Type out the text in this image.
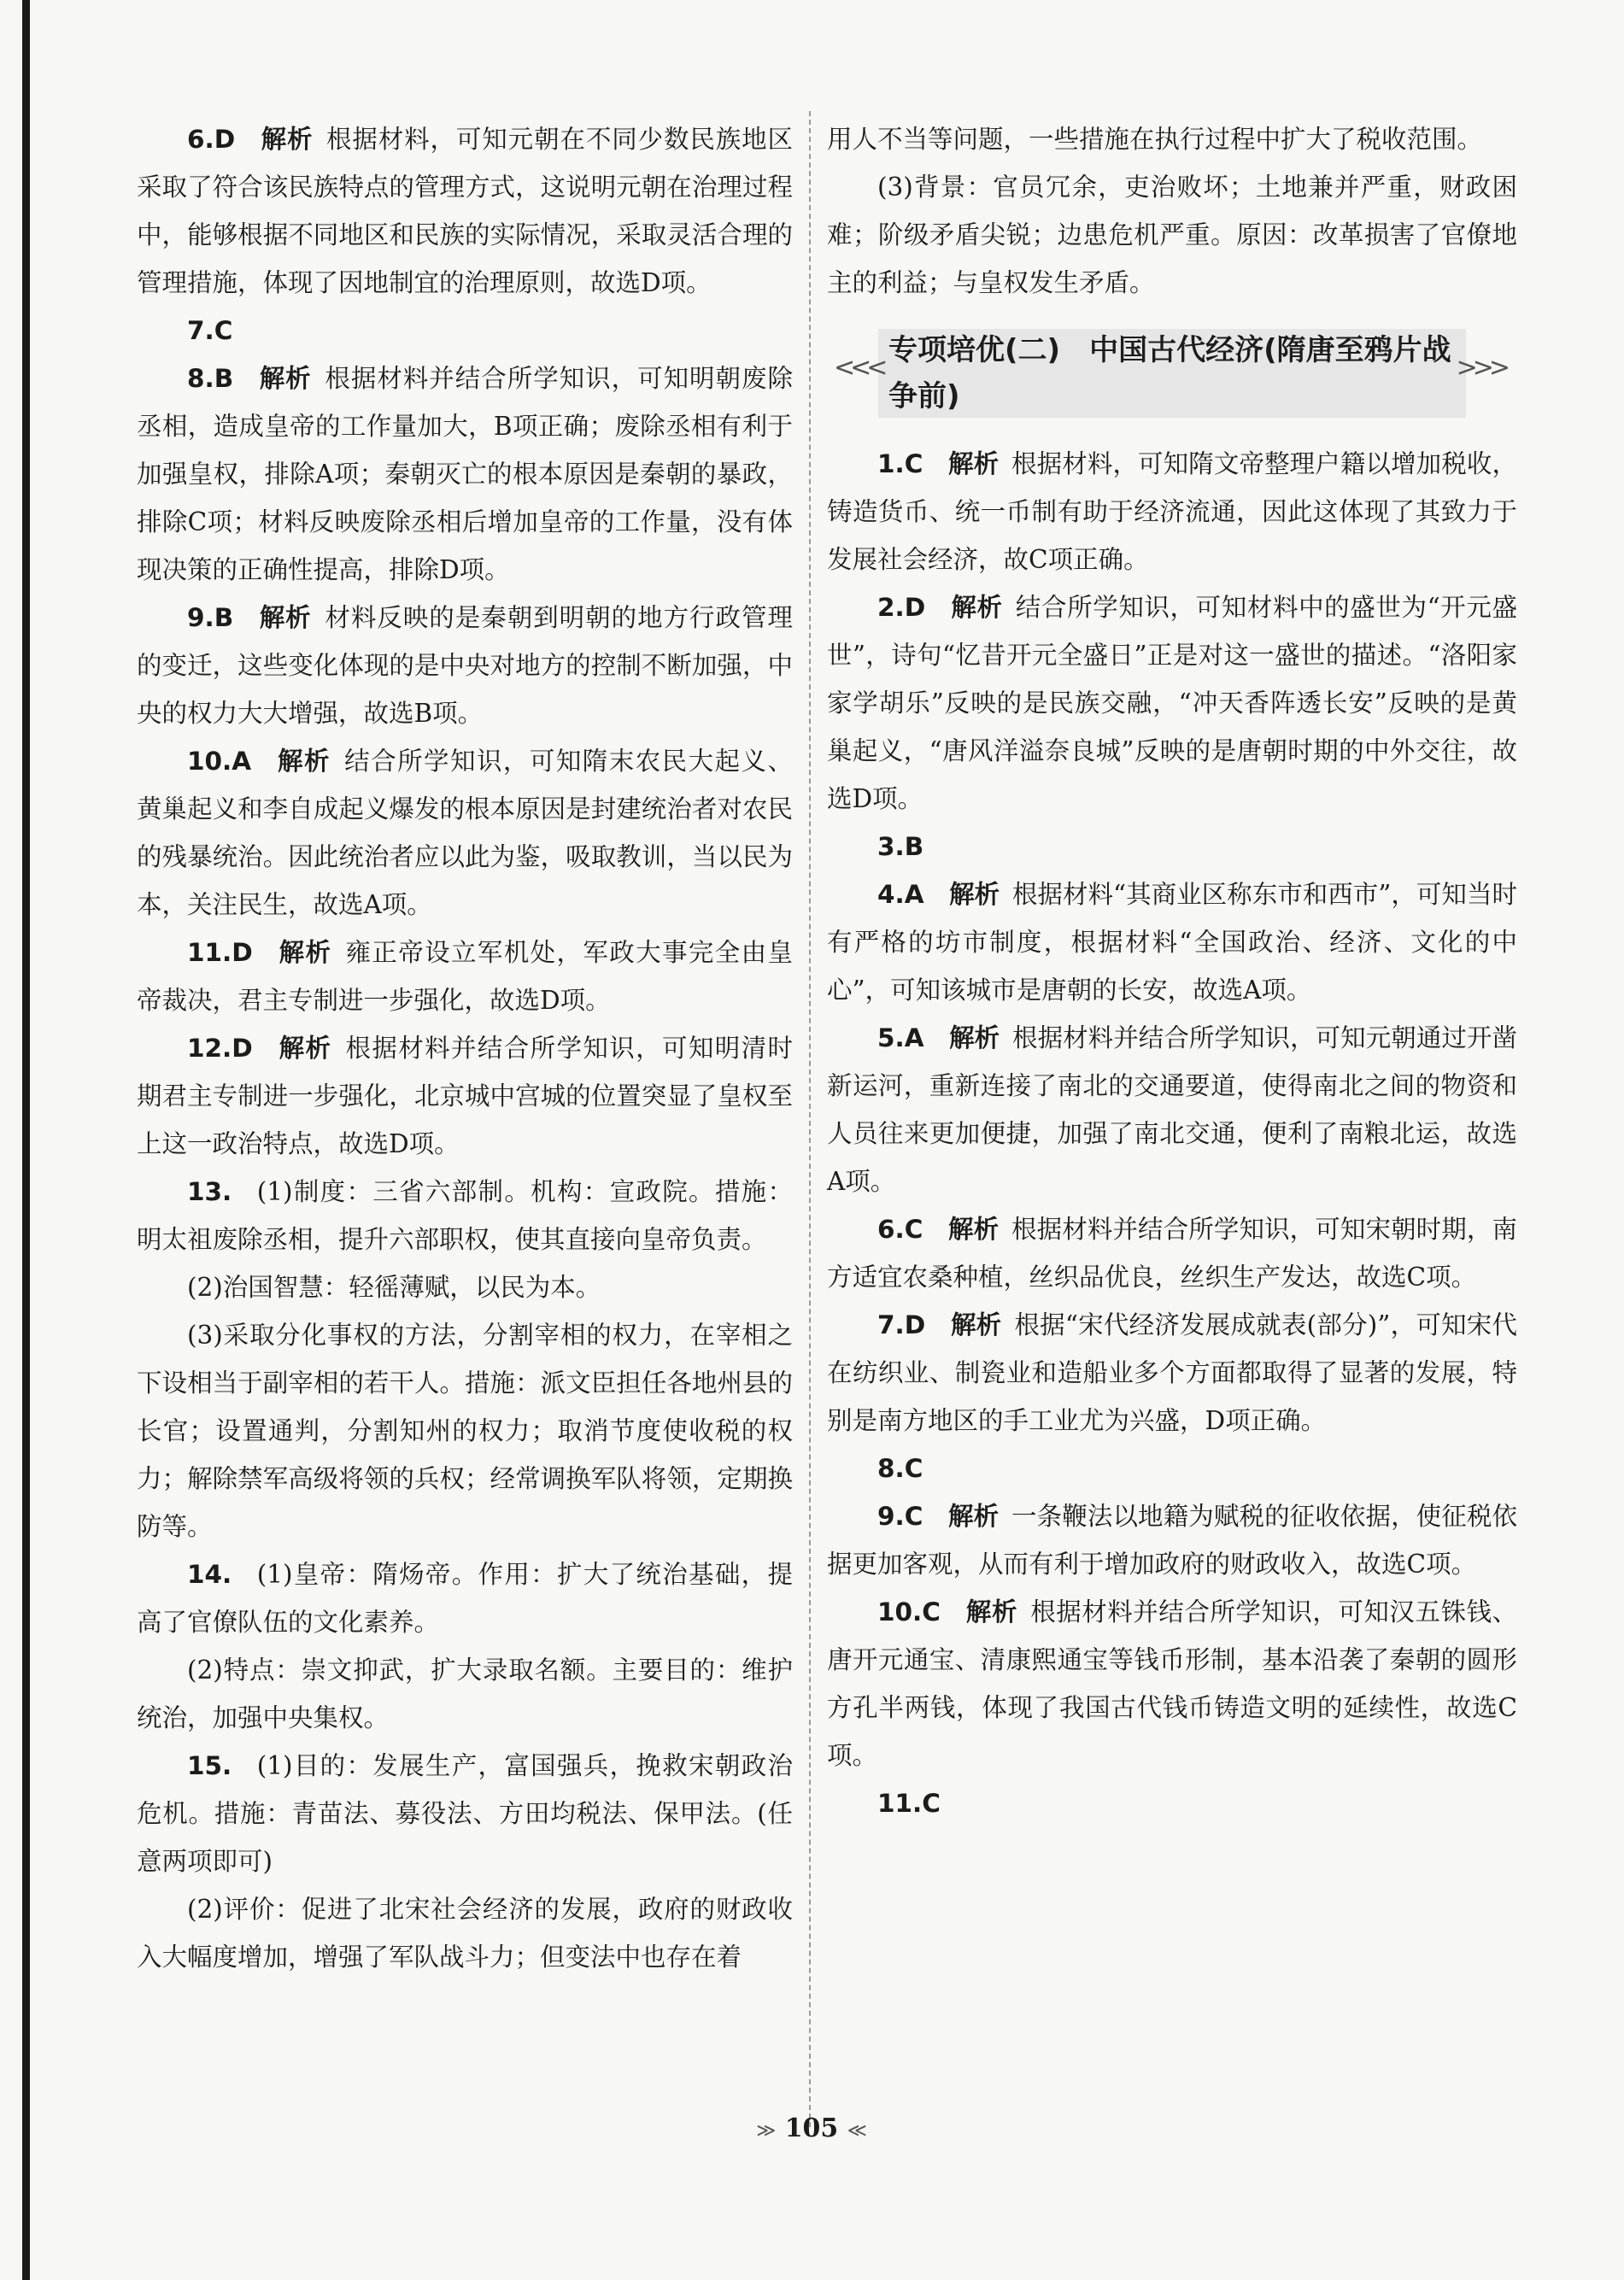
6.D  解析  根据材料，可知元朝在不同少数民族地区采取了符合该民族特点的管理方式，这说明元朝在治理过程中，能够根据不同地区和民族的实际情况，采取灵活合理的管理措施，体现了因地制宜的治理原则，故选D项。

7.C 

8.B  解析  根据材料并结合所学知识，可知明朝废除丞相，造成皇帝的工作量加大，B项正确；废除丞相有利于加强皇权，排除A项；秦朝灭亡的根本原因是秦朝的暴政，排除C项；材料反映废除丞相后增加皇帝的工作量，没有体现决策的正确性提高，排除D项。

9.B  解析  材料反映的是秦朝到明朝的地方行政管理的变迁，这些变化体现的是中央对地方的控制不断加强，中央的权力大大增强，故选B项。

10.A  解析  结合所学知识，可知隋末农民大起义、黄巢起义和李自成起义爆发的根本原因是封建统治者对农民的残暴统治。因此统治者应以此为鉴，吸取教训，当以民为本，关注民生，故选A项。

11.D  解析  雍正帝设立军机处，军政大事完全由皇帝裁决，君主专制进一步强化，故选D项。

12.D  解析  根据材料并结合所学知识，可知明清时期君主专制进一步强化，北京城中宫城的位置突显了皇权至上这一政治特点，故选D项。

13.  (1)制度：三省六部制。机构：宣政院。措施：明太祖废除丞相，提升六部职权，使其直接向皇帝负责。

(2)治国智慧：轻徭薄赋，以民为本。

(3)采取分化事权的方法，分割宰相的权力，在宰相之下设相当于副宰相的若干人。措施：派文臣担任各地州县的长官；设置通判，分割知州的权力；取消节度使收税的权力；解除禁军高级将领的兵权；经常调换军队将领，定期换防等。

14.  (1)皇帝：隋炀帝。作用：扩大了统治基础，提高了官僚队伍的文化素养。

(2)特点：崇文抑武，扩大录取名额。主要目的：维护统治，加强中央集权。

15.  (1)目的：发展生产，富国强兵，挽救宋朝政治危机。措施：青苗法、募役法、方田均税法、保甲法。(任意两项即可)

(2)评价：促进了北宋社会经济的发展，政府的财政收入大幅度增加，增强了军队战斗力；但变法中也存在着

用人不当等问题，一些措施在执行过程中扩大了税收范围。

(3)背景：官员冗余，吏治败坏；土地兼并严重，财政困难；阶级矛盾尖锐；边患危机严重。原因：改革损害了官僚地主的利益；与皇权发生矛盾。

<<<
专项培优(二)　中国古代经济(隋唐至鸦片战争前)
>>>

1.C  解析  根据材料，可知隋文帝整理户籍以增加税收，铸造货币、统一币制有助于经济流通，因此这体现了其致力于发展社会经济，故C项正确。

2.D  解析  结合所学知识，可知材料中的盛世为“开元盛世”，诗句“忆昔开元全盛日”正是对这一盛世的描述。“洛阳家家学胡乐”反映的是民族交融，“冲天香阵透长安”反映的是黄巢起义，“唐风洋溢奈良城”反映的是唐朝时期的中外交往，故选D项。

3.B 

4.A  解析  根据材料“其商业区称东市和西市”，可知当时有严格的坊市制度，根据材料“全国政治、经济、文化的中心”，可知该城市是唐朝的长安，故选A项。

5.A  解析  根据材料并结合所学知识，可知元朝通过开凿新运河，重新连接了南北的交通要道，使得南北之间的物资和人员往来更加便捷，加强了南北交通，便利了南粮北运，故选A项。

6.C  解析  根据材料并结合所学知识，可知宋朝时期，南方适宜农桑种植，丝织品优良，丝织生产发达，故选C项。

7.D  解析  根据“宋代经济发展成就表(部分)”，可知宋代在纺织业、制瓷业和造船业多个方面都取得了显著的发展，特别是南方地区的手工业尤为兴盛，D项正确。

8.C 

9.C  解析  一条鞭法以地籍为赋税的征收依据，使征税依据更加客观，从而有利于增加政府的财政收入，故选C项。

10.C  解析  根据材料并结合所学知识，可知汉五铢钱、唐开元通宝、清康熙通宝等钱币形制，基本沿袭了秦朝的圆形方孔半两钱，体现了我国古代钱币铸造文明的延续性，故选C项。

11.C 

≫ 105 ≪
